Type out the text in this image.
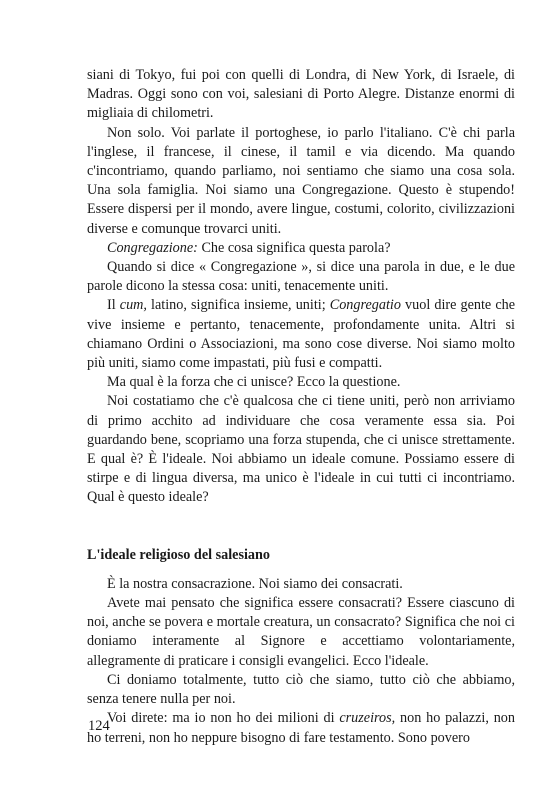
siani di Tokyo, fui poi con quelli di Londra, di New York, di Israele, di Madras. Oggi sono con voi, salesiani di Porto Alegre. Distanze enormi di migliaia di chilometri.

Non solo. Voi parlate il portoghese, io parlo l'italiano. C'è chi parla l'inglese, il francese, il cinese, il tamil e via dicendo. Ma quando c'incontriamo, quando parliamo, noi sentiamo che siamo una cosa sola. Una sola famiglia. Noi siamo una Congregazione. Questo è stupendo! Essere dispersi per il mondo, avere lingue, costumi, colorito, civilizzazioni diverse e comunque trovarci uniti.

Congregazione: Che cosa significa questa parola?

Quando si dice « Congregazione », si dice una parola in due, e le due parole dicono la stessa cosa: uniti, tenacemente uniti.

Il cum, latino, significa insieme, uniti; Congregatio vuol dire gente che vive insieme e pertanto, tenacemente, profondamente unita. Altri si chiamano Ordini o Associazioni, ma sono cose diverse. Noi siamo molto più uniti, siamo come impastati, più fusi e compatti.

Ma qual è la forza che ci unisce? Ecco la questione.

Noi costatiamo che c'è qualcosa che ci tiene uniti, però non arriviamo di primo acchito ad individuare che cosa veramente essa sia. Poi guardando bene, scopriamo una forza stupenda, che ci unisce strettamente. E qual è? È l'ideale. Noi abbiamo un ideale comune. Possiamo essere di stirpe e di lingua diversa, ma unico è l'ideale in cui tutti ci incontriamo. Qual è questo ideale?

L'ideale religioso del salesiano

È la nostra consacrazione. Noi siamo dei consacrati.

Avete mai pensato che significa essere consacrati? Essere ciascuno di noi, anche se povera e mortale creatura, un consacrato? Significa che noi ci doniamo interamente al Signore e accettiamo volontariamente, allegramente di praticare i consigli evangelici. Ecco l'ideale.

Ci doniamo totalmente, tutto ciò che siamo, tutto ciò che abbiamo, senza tenere nulla per noi.

Voi direte: ma io non ho dei milioni di cruzeiros, non ho palazzi, non ho terreni, non ho neppure bisogno di fare testamento. Sono povero

124
